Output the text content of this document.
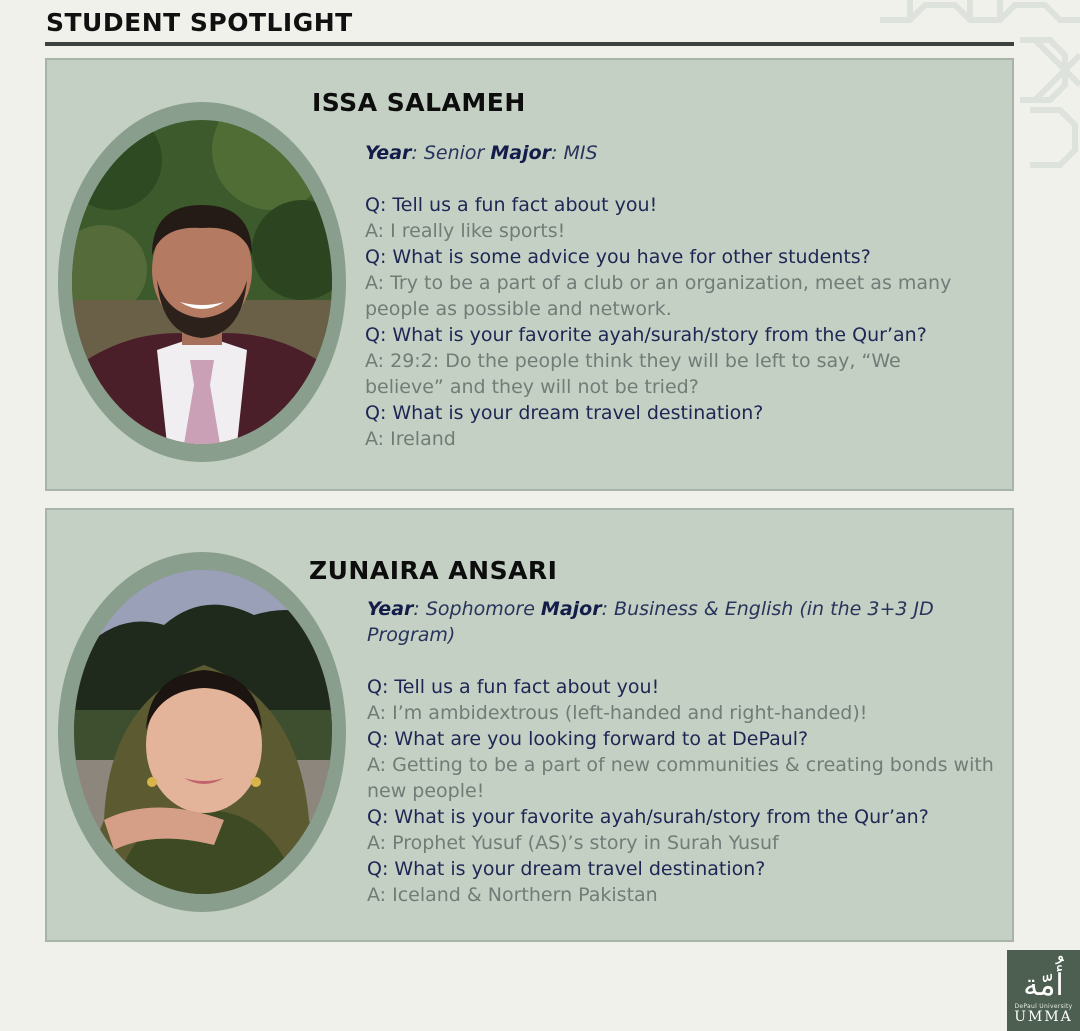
STUDENT SPOTLIGHT
ISSA SALAMEH
Year: Senior Major: MIS
Q: Tell us a fun fact about you!
A: I really like sports!
Q: What is some advice you have for other students?
A: Try to be a part of a club or an organization, meet as many people as possible and network.
Q: What is your favorite ayah/surah/story from the Qur’an?
A: 29:2: Do the people think they will be left to say, “We believe” and they will not be tried?
Q: What is your dream travel destination?
A: Ireland
ZUNAIRA ANSARI
Year: Sophomore Major: Business & English (in the 3+3 JD Program)
Q: Tell us a fun fact about you!
A: I’m ambidextrous (left-handed and right-handed)!
Q: What are you looking forward to at DePaul?
A: Getting to be a part of new communities & creating bonds with new people!
Q: What is your favorite ayah/surah/story from the Qur’an?
A: Prophet Yusuf (AS)’s story in Surah Yusuf
Q: What is your dream travel destination?
A: Iceland & Northern Pakistan
أُمّة
DePaul University
UMMA
